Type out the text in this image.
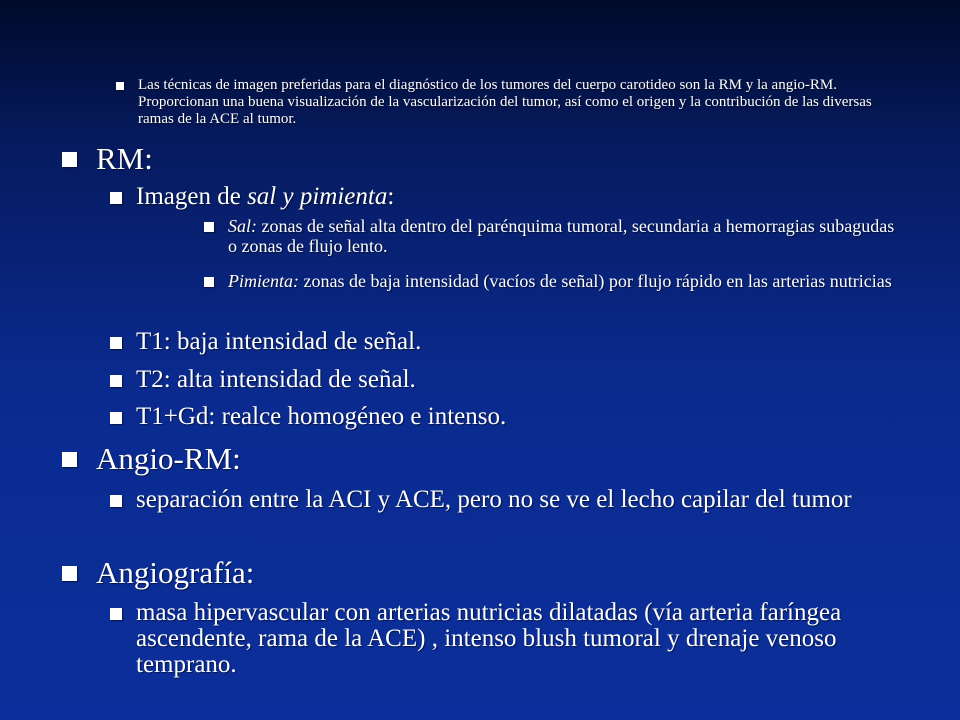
Las técnicas de imagen preferidas para el diagnóstico de los tumores del cuerpo carotideo son la RM y la angio-RM. Proporcionan una buena visualización de la vascularización del tumor, así como el origen y la contribución de las diversas ramas de la ACE al tumor.
RM:
Imagen de sal y pimienta:
Sal: zonas de señal alta dentro del parénquima tumoral, secundaria a hemorragias subagudas o zonas de flujo lento.
Pimienta: zonas de baja intensidad (vacíos de señal) por flujo rápido en las arterias nutricias
T1: baja intensidad de señal.
T2: alta intensidad de señal.
T1+Gd: realce homogéneo e intenso.
Angio-RM:
separación entre la ACI y ACE, pero no se ve el lecho capilar del tumor
Angiografía:
masa hipervascular con arterias nutricias dilatadas (vía arteria faríngea ascendente, rama de la ACE) , intenso blush tumoral y drenaje venoso temprano.
